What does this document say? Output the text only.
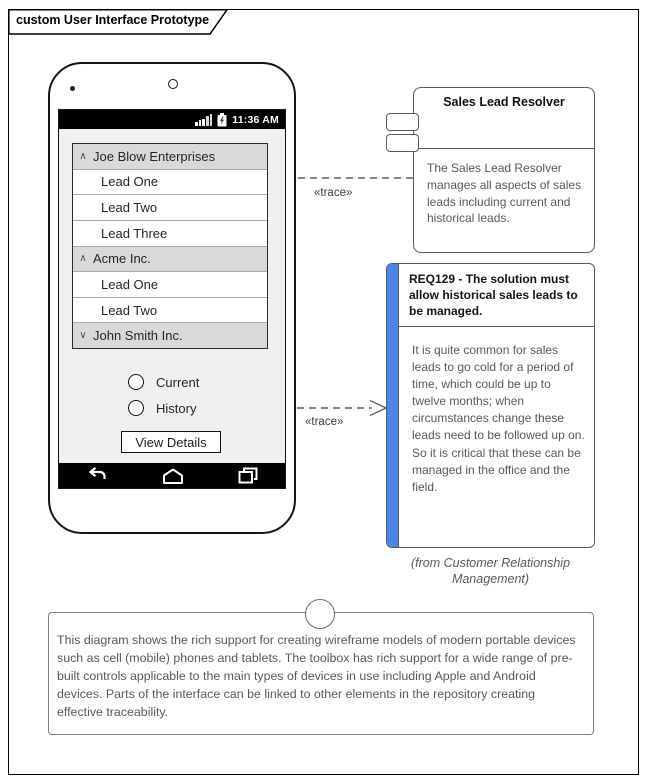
custom User Interface Prototype
«trace»
«trace»
11:36 AM
∧ Joe Blow Enterprises
Lead One
Lead Two
Lead Three
∧ Acme Inc.
Lead One
Lead Two
∨ John Smith Inc.
Current
History
View Details
Sales Lead Resolver
The Sales Lead Resolver manages all aspects of sales leads including current and historical leads.
REQ129 - The solution must allow historical sales leads to be managed.
It is quite common for sales leads to go cold for a period of time, which could be up to twelve months; when circumstances change these leads need to be followed up on. So it is critical that these can be managed in the office and the field.
(from Customer Relationship Management)
This diagram shows the rich support for creating wireframe models of modern portable devices such as cell (mobile) phones and tablets. The toolbox has rich support for a wide range of pre-built controls applicable to the main types of devices in use including Apple and Android devices. Parts of the interface can be linked to other elements in the repository creating effective traceability.
